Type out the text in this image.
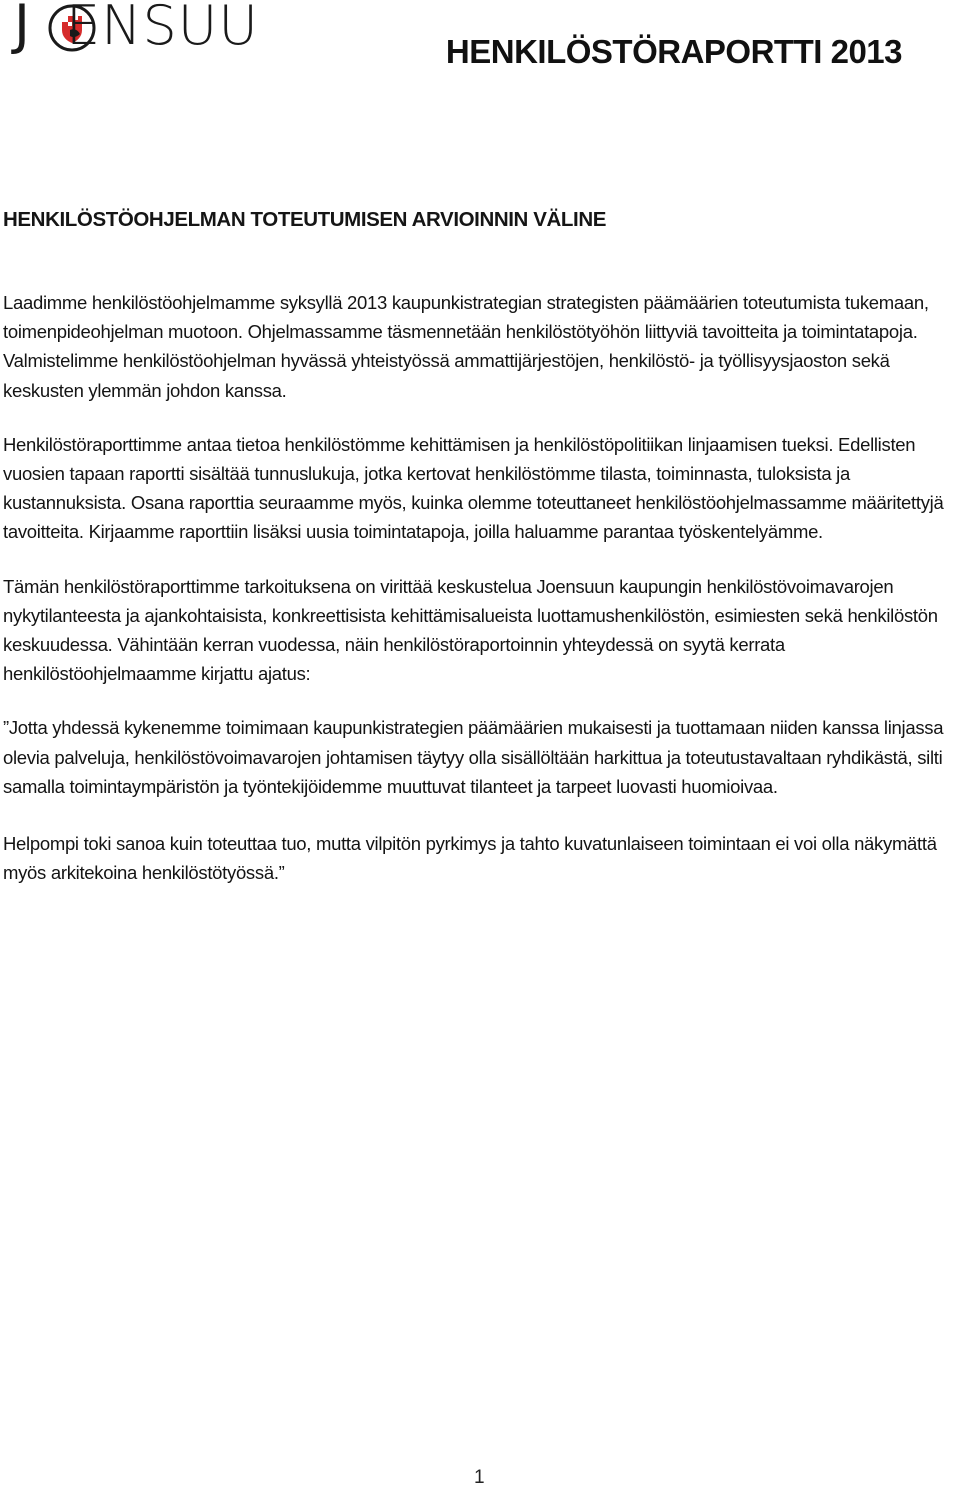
J ENSUU	HENKILÖSTÖRAPORTTI 2013
HENKILÖSTÖOHJELMAN TOTEUTUMISEN ARVIOINNIN VÄLINE

Laadimme henkilöstöohjelmamme syksyllä 2013 kaupunkistrategian strategisten päämäärien toteutumista tukemaan, toimenpideohjelman muotoon. Ohjelmassamme täsmennetään henkilöstötyöhön liittyviä tavoitteita ja toimintatapoja. Valmistelimme henkilöstöohjelman hyvässä yhteistyössä ammattijärjestöjen, henkilöstö- ja työllisyysjaoston sekä keskusten ylemmän johdon kanssa.

Henkilöstöraporttimme antaa tietoa henkilöstömme kehittämisen ja henkilöstöpolitiikan linjaamisen tueksi. Edellisten vuosien tapaan raportti sisältää tunnuslukuja, jotka kertovat henkilöstömme tilasta, toiminnasta, tuloksista ja kustannuksista. Osana raporttia seuraamme myös, kuinka olemme toteuttaneet henkilöstöohjelmassamme määritettyjä tavoitteita. Kirjaamme raporttiin lisäksi uusia toimintatapoja, joilla haluamme parantaa työskentelyämme.

Tämän henkilöstöraporttimme tarkoituksena on virittää keskustelua Joensuun kaupungin henkilöstövoimavarojen nykytilanteesta ja ajankohtaisista, konkreettisista kehittämisalueista luottamushenkilöstön, esimiesten sekä henkilöstön keskuudessa. Vähintään kerran vuodessa, näin henkilöstöraportoinnin yhteydessä on syytä kerrata henkilöstöohjelmaamme kirjattu ajatus:

”Jotta yhdessä kykenemme toimimaan kaupunkistrategien päämäärien mukaisesti ja tuottamaan niiden kanssa linjassa olevia palveluja, henkilöstövoimavarojen johtamisen täytyy olla sisällöltään harkittua ja toteutustavaltaan ryhdikästä, silti samalla toimintaympäristön ja työntekijöidemme muuttuvat tilanteet ja tarpeet luovasti huomioivaa.

Helpompi toki sanoa kuin toteuttaa tuo, mutta vilpitön pyrkimys ja tahto kuvatunlaiseen toimintaan ei voi olla näkymättä myös arkitekoina henkilöstötyössä.”

1
